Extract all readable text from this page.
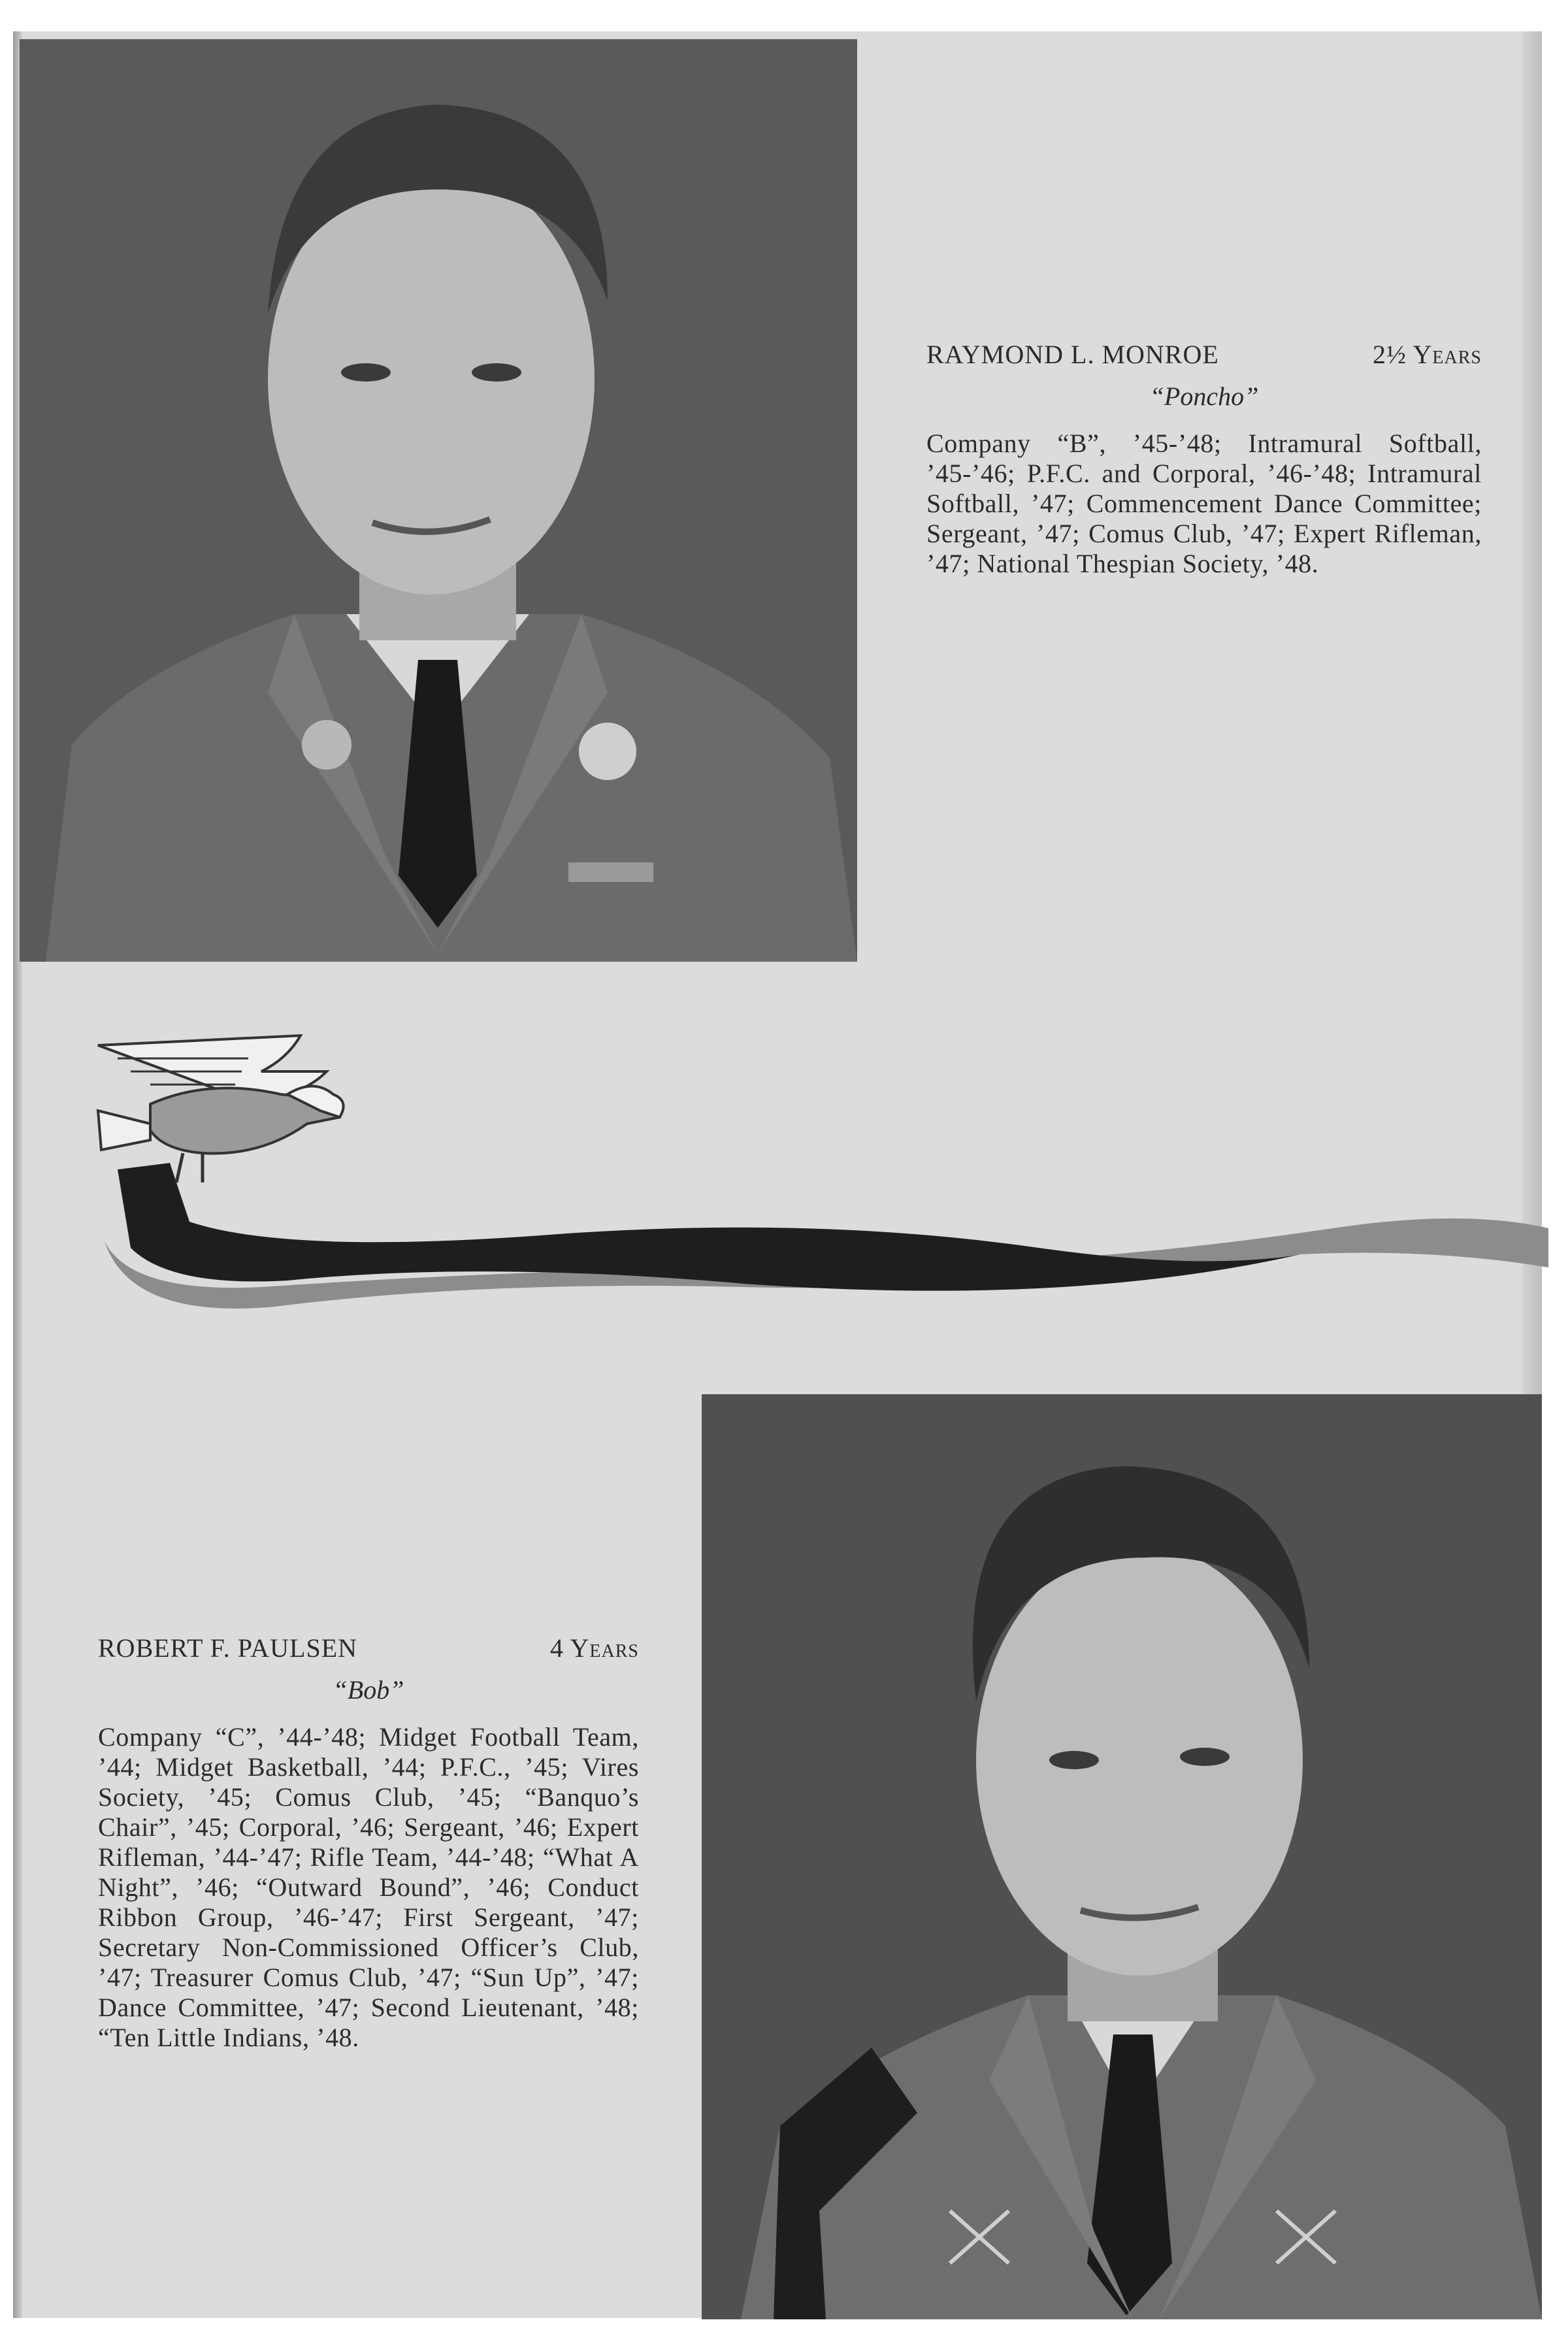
RAYMOND L. MONROE	2½ Years
“Poncho”
Company “B”, ’45-’48; Intramural Softball, ’45-’46; P.F.C. and Corporal, ’46-’48; Intramural Softball, ’47; Commencement Dance Committee; Sergeant, ’47; Comus Club, ’47; Expert Rifleman, ’47; National Thespian Society, ’48.
ROBERT F. PAULSEN	4 Years
“Bob”
Company “C”, ’44-’48; Midget Football Team, ’44; Midget Basketball, ’44; P.F.C., ’45; Vires Society, ’45; Comus Club, ’45; “Banquo’s Chair”, ’45; Corporal, ’46; Sergeant, ’46; Expert Rifleman, ’44-’47; Rifle Team, ’44-’48; “What A Night”, ’46; “Outward Bound”, ’46; Conduct Ribbon Group, ’46-’47; First Sergeant, ’47; Secretary Non-Commissioned Officer’s Club, ’47; Treasurer Comus Club, ’47; “Sun Up”, ’47; Dance Committee, ’47; Second Lieutenant, ’48; “Ten Little Indians, ’48.
